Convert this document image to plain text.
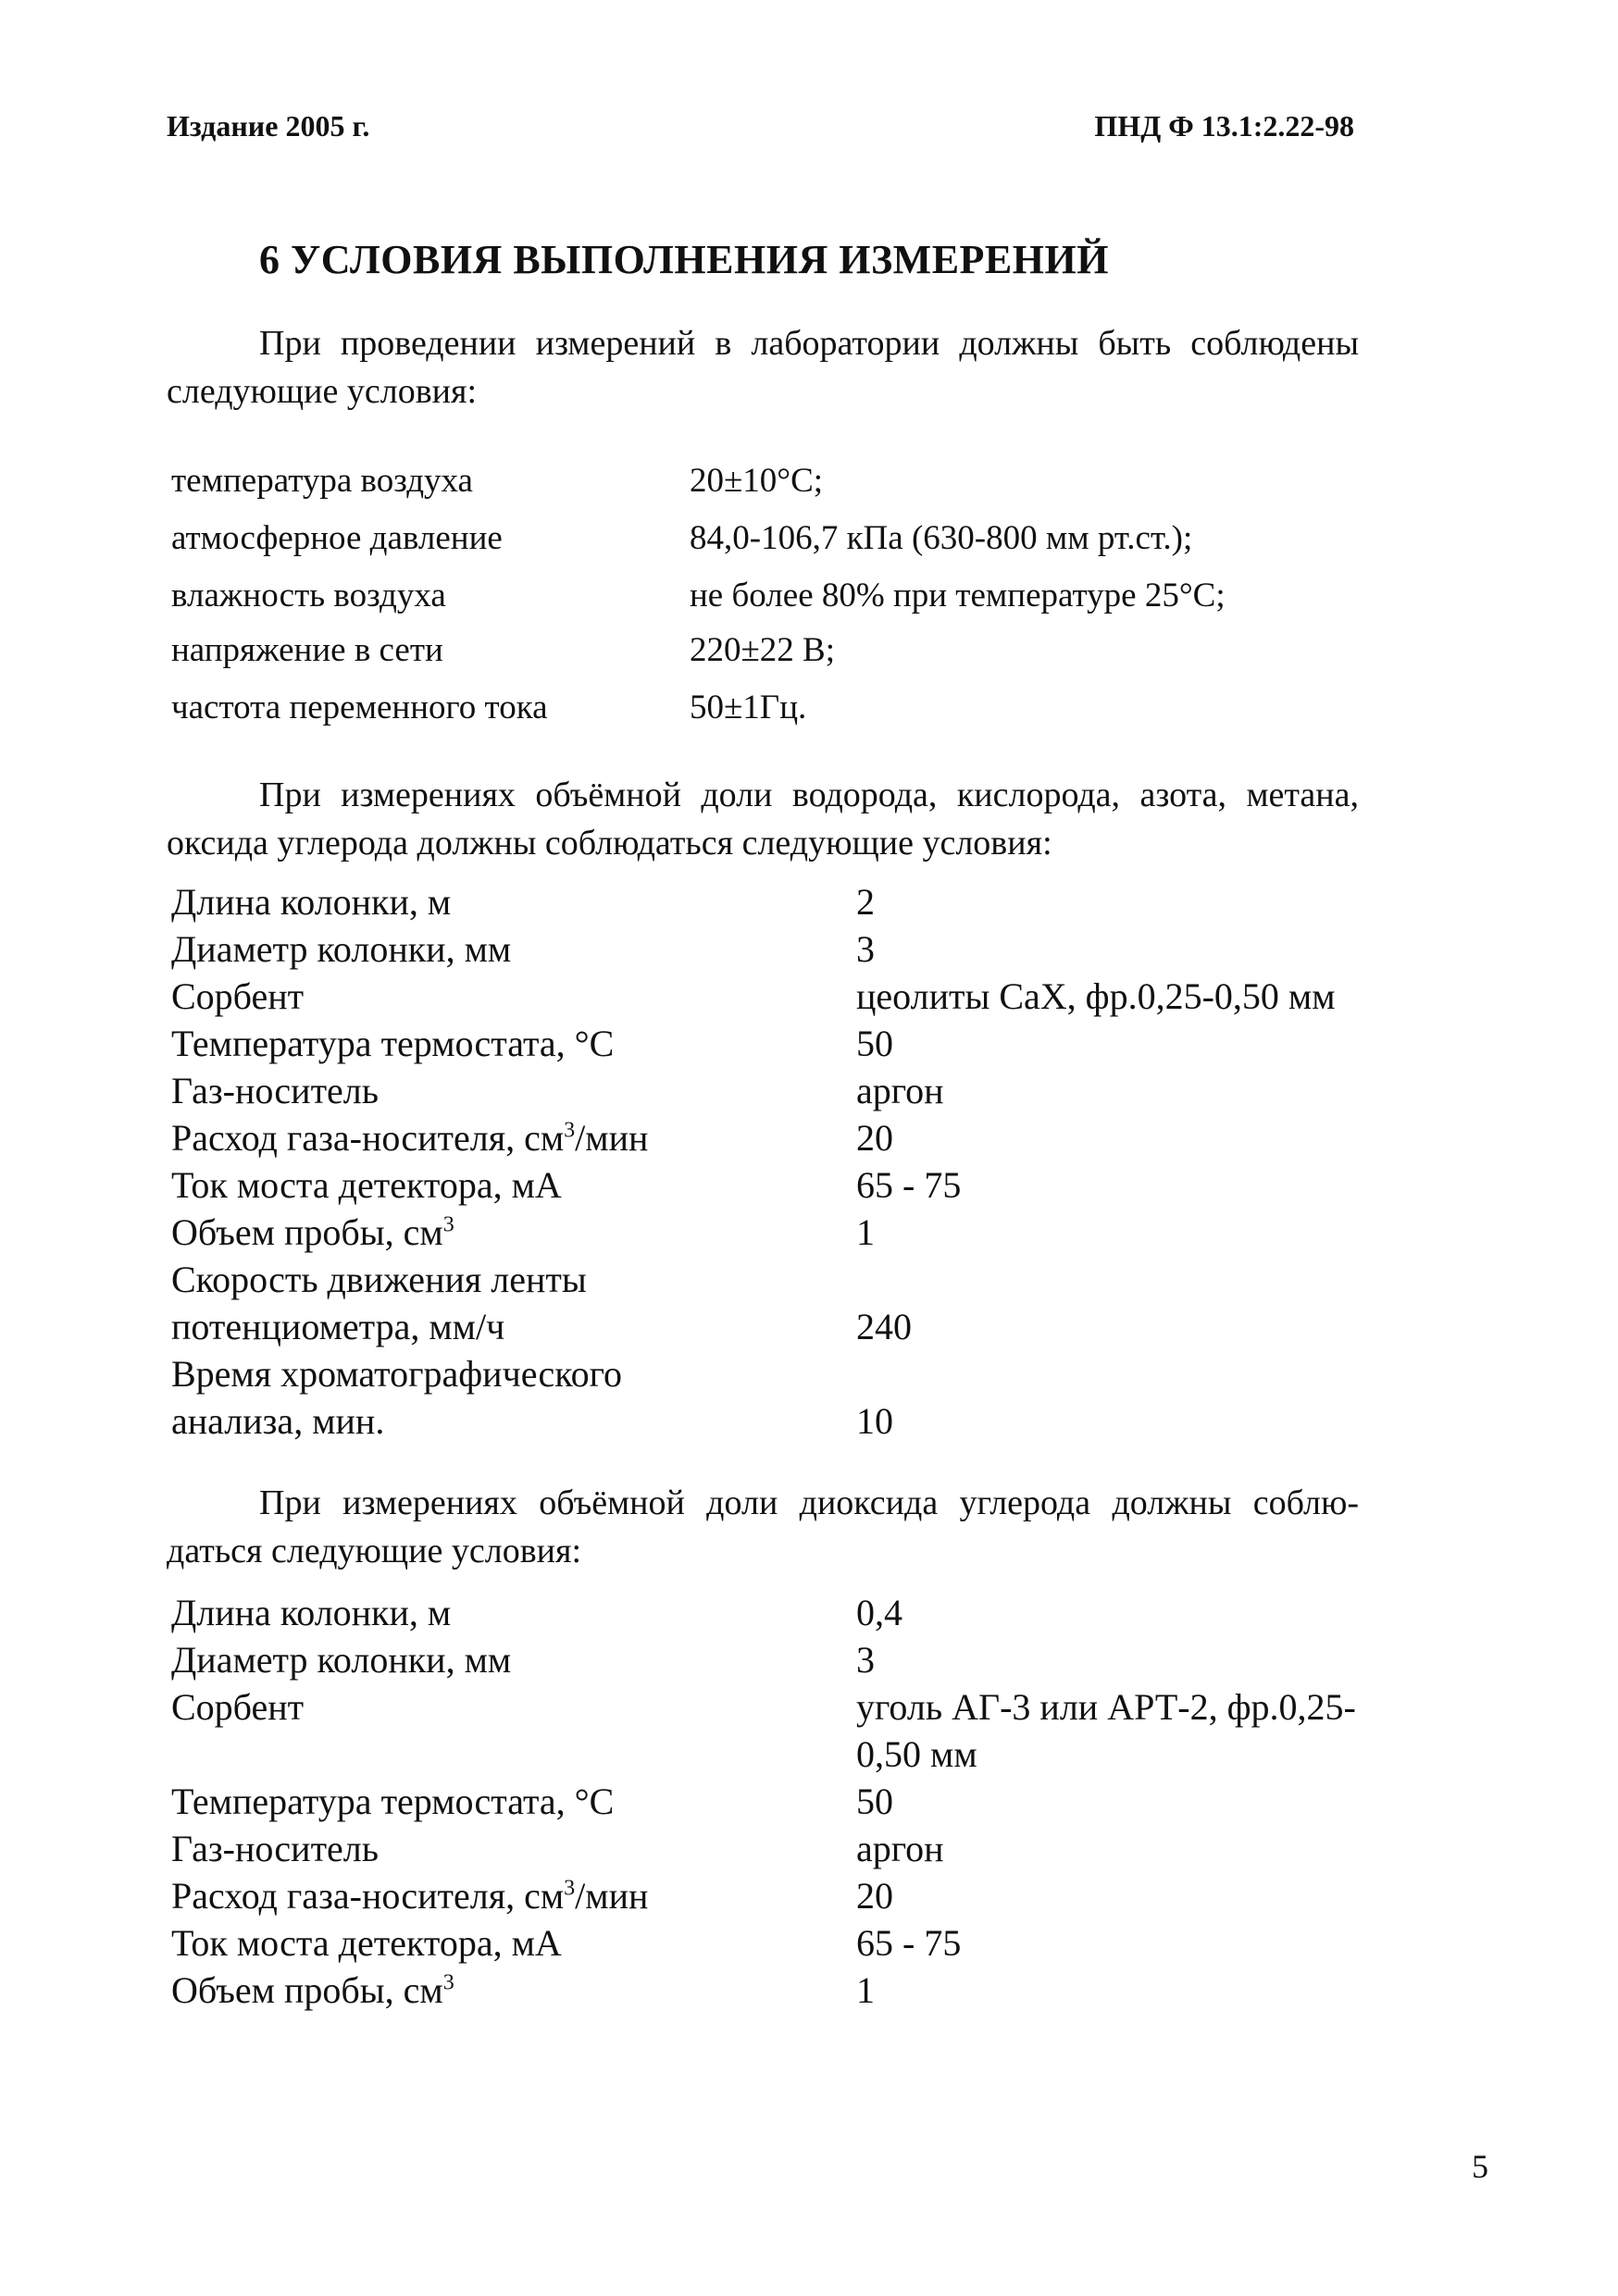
Издание 2005 г.	ПНД Ф 13.1:2.22-98
6 УСЛОВИЯ ВЫПОЛНЕНИЯ ИЗМЕРЕНИЙ
При проведении измерений в лаборатории должны быть соблюдены
следующие условия:
температура воздуха	20±10°С;
атмосферное давление	84,0-106,7 кПа (630-800 мм рт.ст.);
влажность воздуха	не более 80% при температуре 25°С;
напряжение в сети	220±22 В;
частота переменного тока	50±1Гц.
При измерениях объёмной доли водорода, кислорода, азота, метана,
оксида углерода должны соблюдаться следующие условия:
Длина колонки, м	2
Диаметр колонки, мм	3
Сорбент	цеолиты СаХ, фр.0,25-0,50 мм
Температура термостата, °С	50
Газ-носитель	аргон
Расход газа-носителя, $см^3$/мин	20
Ток моста детектора, мА	65 - 75
Объем пробы, $см^3$	1
Скорость движения ленты
потенциометра, мм/ч	240
Время хроматографического
анализа, мин.	10
При измерениях объёмной доли диоксида углерода должны соблю-
даться следующие условия:
Длина колонки, м	0,4
Диаметр колонки, мм	3
Сорбент	уголь АГ-3 или АРТ-2, фр.0,25-
0,50 мм
Температура термостата, °С	50
Газ-носитель	аргон
Расход газа-носителя, $см^3$/мин	20
Ток моста детектора, мА	65 - 75
Объем пробы, $см^3$	1
5
